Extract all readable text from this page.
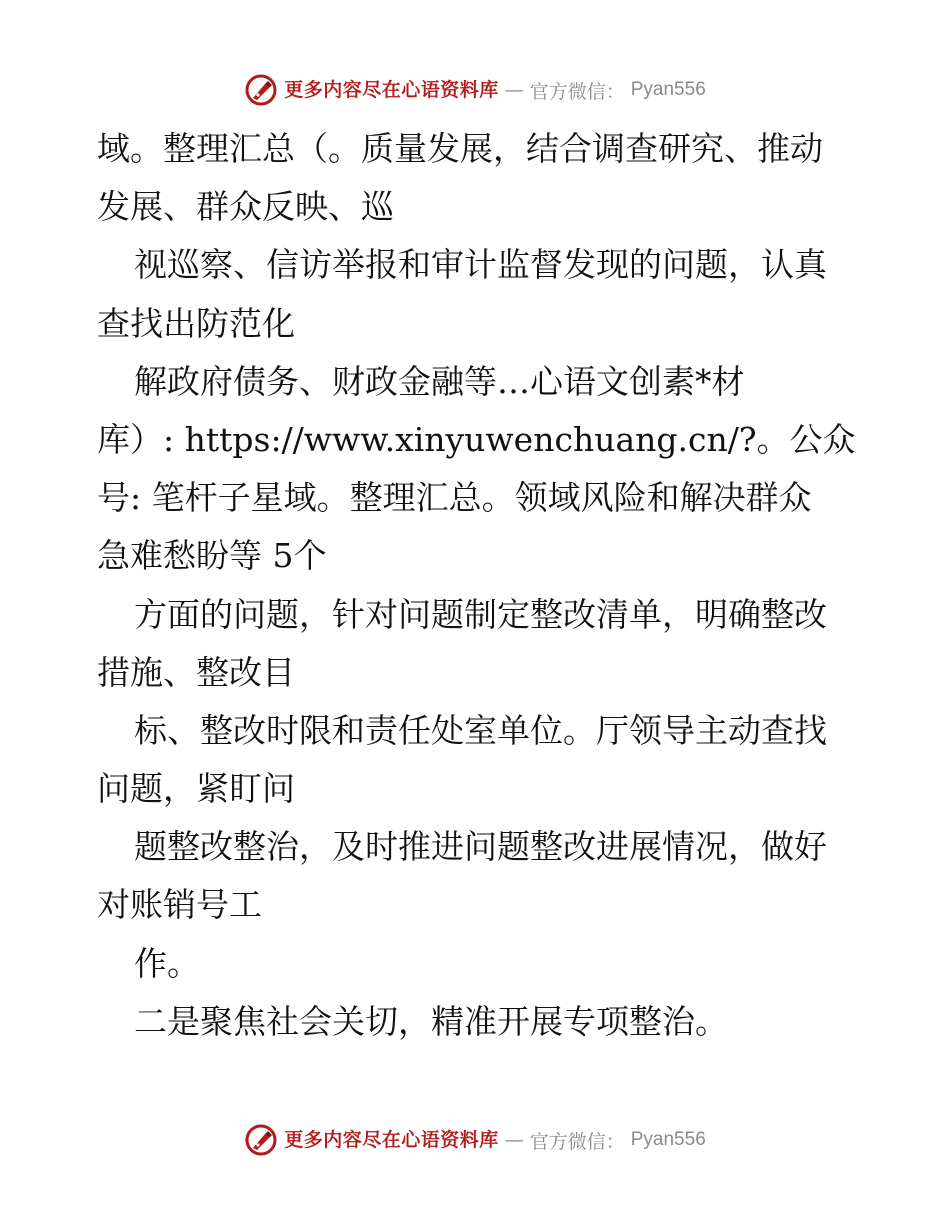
更多内容尽在心语资料库 — 官方微信： Pyan556
域。整理汇总（。质量发展，结合调查研究、推动
发展、群众反映、巡
视巡察、信访举报和审计监督发现的问题，认真
查找出防范化
解政府债务、财政金融等…心语文创素*材
库）: https://www.xinyuwenchuang.cn/?。公众
号: 笔杆子星域。整理汇总。领域风险和解决群众
急难愁盼等 5个
方面的问题，针对问题制定整改清单，明确整改
措施、整改目
标、整改时限和责任处室单位。厅领导主动查找
问题，紧盯问
题整改整治，及时推进问题整改进展情况，做好
对账销号工
作。
二是聚焦社会关切，精准开展专项整治。
更多内容尽在心语资料库 — 官方微信： Pyan556
